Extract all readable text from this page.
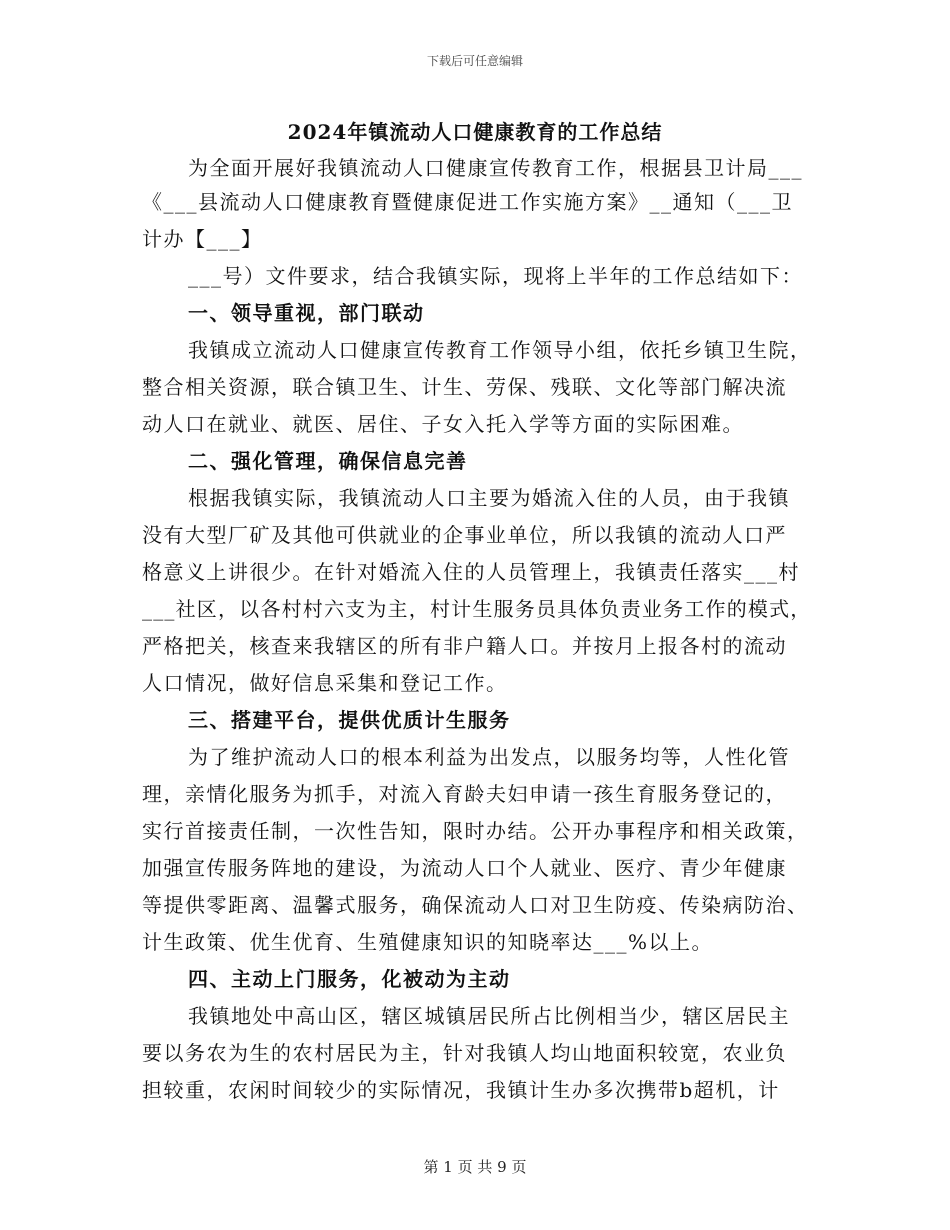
下载后可任意编辑
2024年镇流动人口健康教育的工作总结
为全面开展好我镇流动人口健康宣传教育工作，根据县卫计局___
《___县流动人口健康教育暨健康促进工作实施方案》__通知（___卫
计办【___】
___号）文件要求，结合我镇实际，现将上半年的工作总结如下：
一、领导重视，部门联动
我镇成立流动人口健康宣传教育工作领导小组，依托乡镇卫生院，
整合相关资源，联合镇卫生、计生、劳保、残联、文化等部门解决流
动人口在就业、就医、居住、子女入托入学等方面的实际困难。
二、强化管理，确保信息完善
根据我镇实际，我镇流动人口主要为婚流入住的人员，由于我镇
没有大型厂矿及其他可供就业的企事业单位，所以我镇的流动人口严
格意义上讲很少。在针对婚流入住的人员管理上，我镇责任落实___村
___社区，以各村村六支为主，村计生服务员具体负责业务工作的模式，
严格把关，核查来我辖区的所有非户籍人口。并按月上报各村的流动
人口情况，做好信息采集和登记工作。
三、搭建平台，提供优质计生服务
为了维护流动人口的根本利益为出发点，以服务均等，人性化管
理，亲情化服务为抓手，对流入育龄夫妇申请一孩生育服务登记的，
实行首接责任制，一次性告知，限时办结。公开办事程序和相关政策，
加强宣传服务阵地的建设，为流动人口个人就业、医疗、青少年健康
等提供零距离、温馨式服务，确保流动人口对卫生防疫、传染病防治、
计生政策、优生优育、生殖健康知识的知晓率达___%以上。
四、主动上门服务，化被动为主动
我镇地处中高山区，辖区城镇居民所占比例相当少，辖区居民主
要以务农为生的农村居民为主，针对我镇人均山地面积较宽，农业负
担较重，农闲时间较少的实际情况，我镇计生办多次携带b超机，计
第 1 页 共 9 页
